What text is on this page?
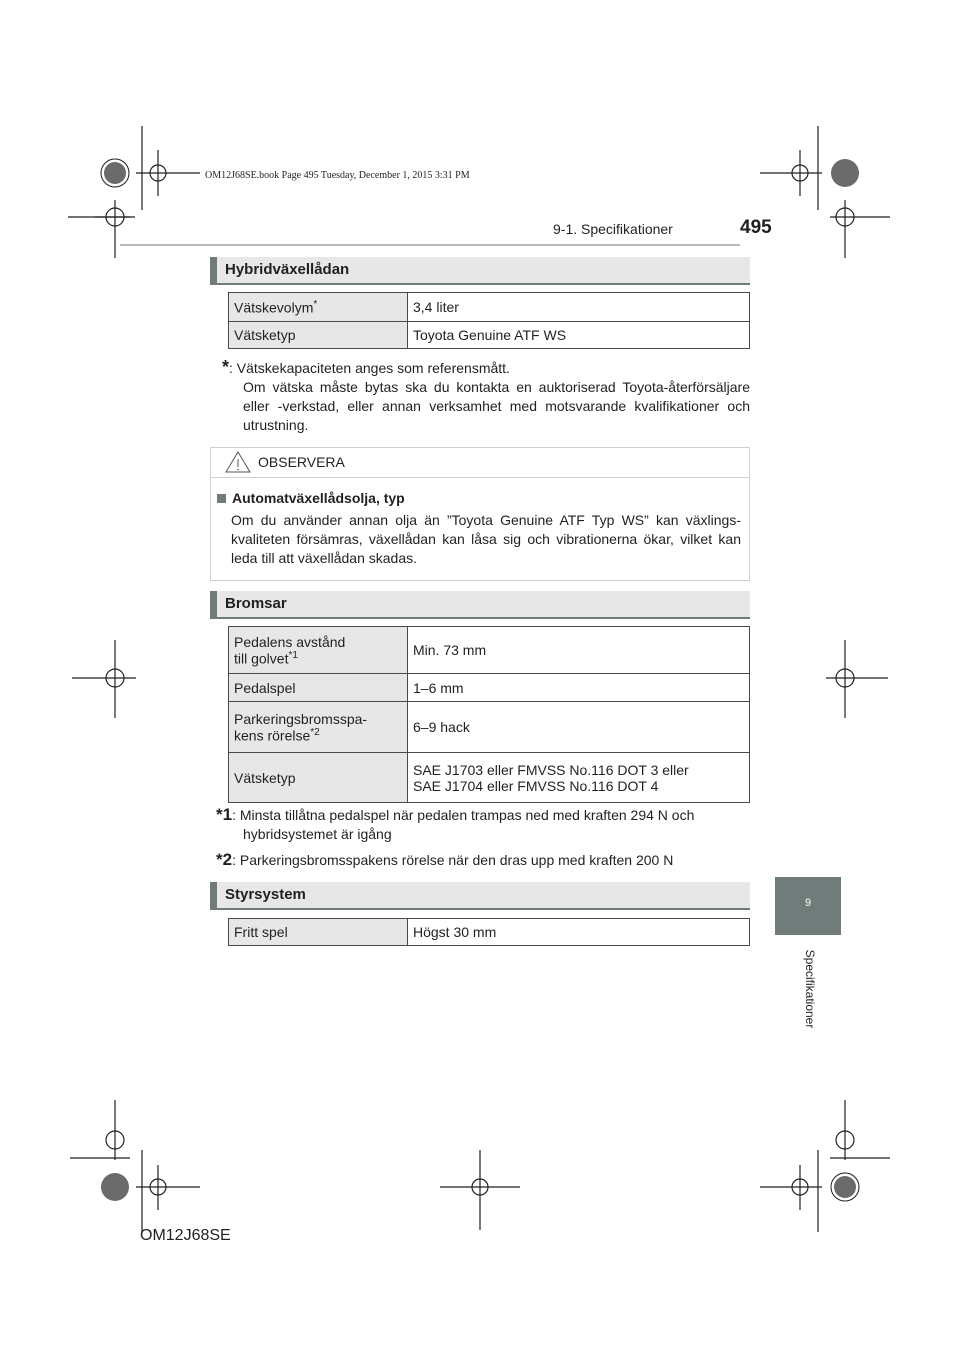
OM12J68SE.book Page 495 Tuesday, December 1, 2015 3:31 PM
9-1. Specifikationer	495
9
Specifikationer
Hybridväxellådan
Vätskevolym*	3,4 liter
Vätsketyp	Toyota Genuine ATF WS
*: Vätskekapaciteten anges som referensmått.
Om vätska måste bytas ska du kontakta en auktoriserad Toyota-återförsäljare eller -verkstad, eller annan verksamhet med motsvarande kvalifikationer och utrustning.
OBSERVERA
Automatväxellådsolja, typ
Om du använder annan olja än ”Toyota Genuine ATF Typ WS” kan växlings-kvaliteten försämras, växellådan kan låsa sig och vibrationerna ökar, vilket kan leda till att växellådan skadas.
Bromsar
Pedalens avstånd
till golvet$^{*1}$	Min. 73 mm
Pedalspel	1–6 mm

Parkeringsbromsspa-
kens rörelse$^{*2}$	6–9 hack
Vätsketyp	SAE J1703 eller FMVSS No.116 DOT 3 eller
SAE J1704 eller FMVSS No.116 DOT 4
*1: Minsta tillåtna pedalspel när pedalen trampas ned med kraften 294 N och
hybridsystemet är igång
*2: Parkeringsbromsspakens rörelse när den dras upp med kraften 200 N
Styrsystem
Fritt spel	Högst 30 mm
OM12J68SE
